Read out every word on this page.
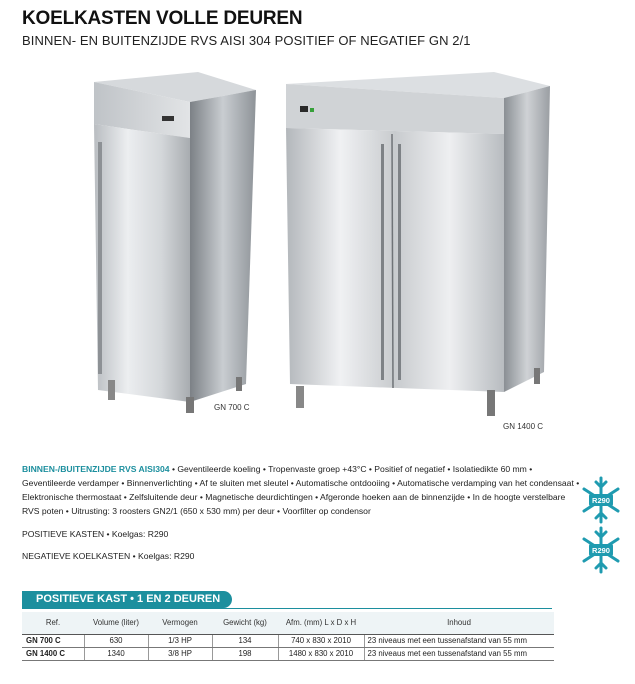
KOELKASTEN VOLLE DEUREN
BINNEN- EN BUITENZIJDE RVS AISI 304 POSITIEF OF NEGATIEF GN 2/1
GN 700 C
GN 1400 C
BINNEN-/BUITENZIJDE RVS AISI304 • Geventileerde koeling • Tropenvaste groep +43°C • Positief of negatief • Isolatiedikte 60 mm • Geventileerde verdamper • Binnenverlichting • Af te sluiten met sleutel • Automatische ontdooiing • Automatische verdamping van het condensaat • Elektronische thermostaat • Zelfsluitende deur • Magnetische deurdichtingen • Afgeronde hoeken aan de binnenzijde • In de hoogte verstelbare RVS poten • Uitrusting: 3 roosters GN2/1 (650 x 530 mm) per deur • Voorfilter op condensor
POSITIEVE KASTEN • Koelgas: R290
NEGATIEVE KOELKASTEN • Koelgas: R290
R290
R290
POSITIEVE KAST • 1 EN 2 DEUREN
Ref.	Volume (liter)	Vermogen	Gewicht (kg)	Afm. (mm) L x D x H	Inhoud
GN 700 C	630	1/3 HP	134	740 x 830 x 2010	23 niveaus met een tussenafstand van 55 mm
GN 1400 C	1340	3/8 HP	198	1480 x 830 x 2010	23 niveaus met een tussenafstand van 55 mm
